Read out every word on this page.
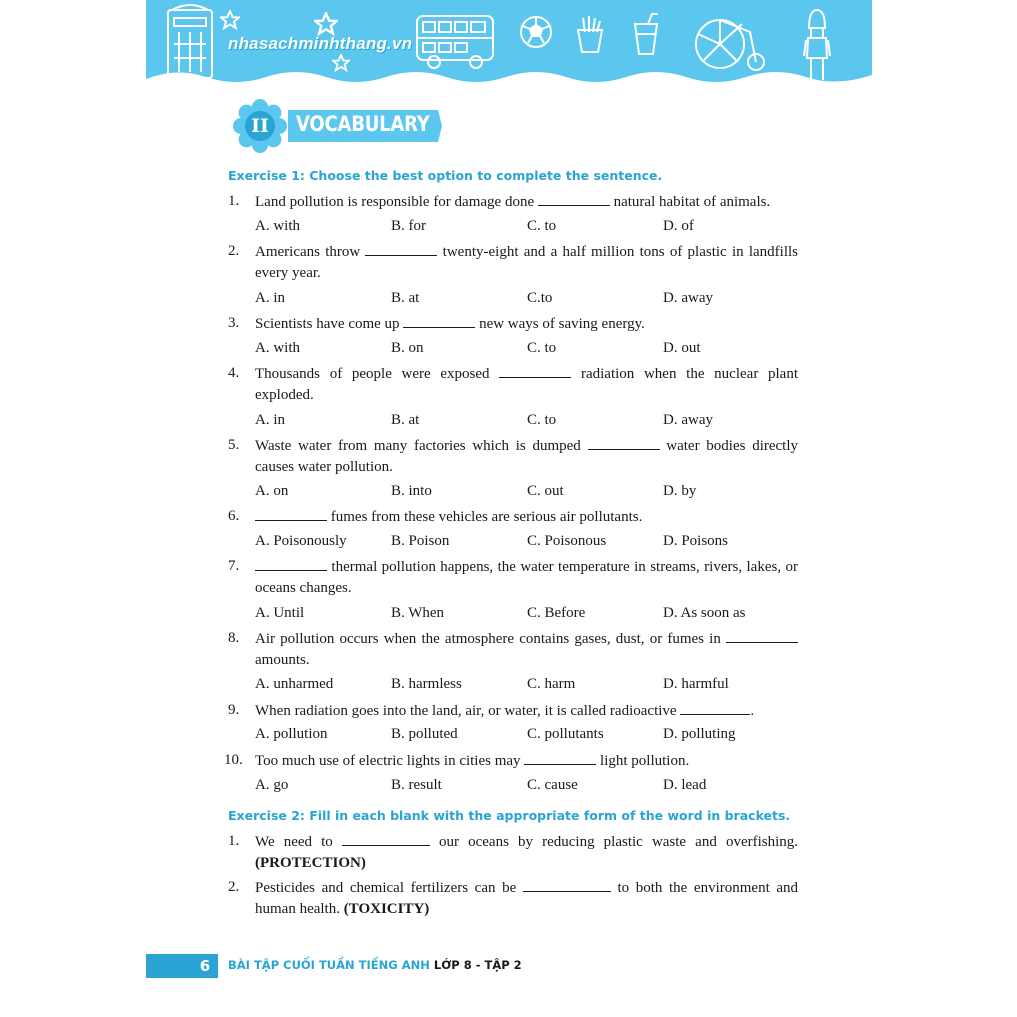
nhasachminhthang.vn
II	VOCABULARY
Exercise 1: Choose the best option to complete the sentence.
1. Land pollution is responsible for damage done	natural habitat of animals.
A. with	B. for	C. to	D. of
2. Americans throw	twenty-eight and a half million tons of plastic in landfills every year.
A. in	B. at	C.to	D. away
3. Scientists have come up	new ways of saving energy.
A. with	B. on	C. to	D. out
4. Thousands of people were exposed	radiation when the nuclear plant exploded.
A. in	B. at	C. to	D. away
5. Waste water from many factories which is dumped	water bodies directly causes water pollution.
A. on	B. into	C. out	D. by
6.	fumes from these vehicles are serious air pollutants.
A. Poisonously	B. Poison	C. Poisonous	D. Poisons
7.	thermal pollution happens, the water temperature in streams, rivers, lakes, or oceans changes.
A. Until	B. When	C. Before	D. As soon as
8. Air pollution occurs when the atmosphere contains gases, dust, or fumes in  amounts.
A. unharmed	B. harmless	C. harm	D. harmful
9. When radiation goes into the land, air, or water, it is called radioactive	.
A. pollution	B. polluted	C. pollutants	D. polluting
10. Too much use of electric lights in cities may	light pollution.
A. go	B. result	C. cause	D. lead
Exercise 2: Fill in each blank with the appropriate form of the word in brackets.
1. We need to	our oceans by reducing plastic waste and overfishing. (PROTECTION)
2. Pesticides and chemical fertilizers can be	to both the environment and human health. (TOXICITY)
6	BÀI TẬP CUỐI TUẦN TIẾNG ANH LỚP 8 - TẬP 2
